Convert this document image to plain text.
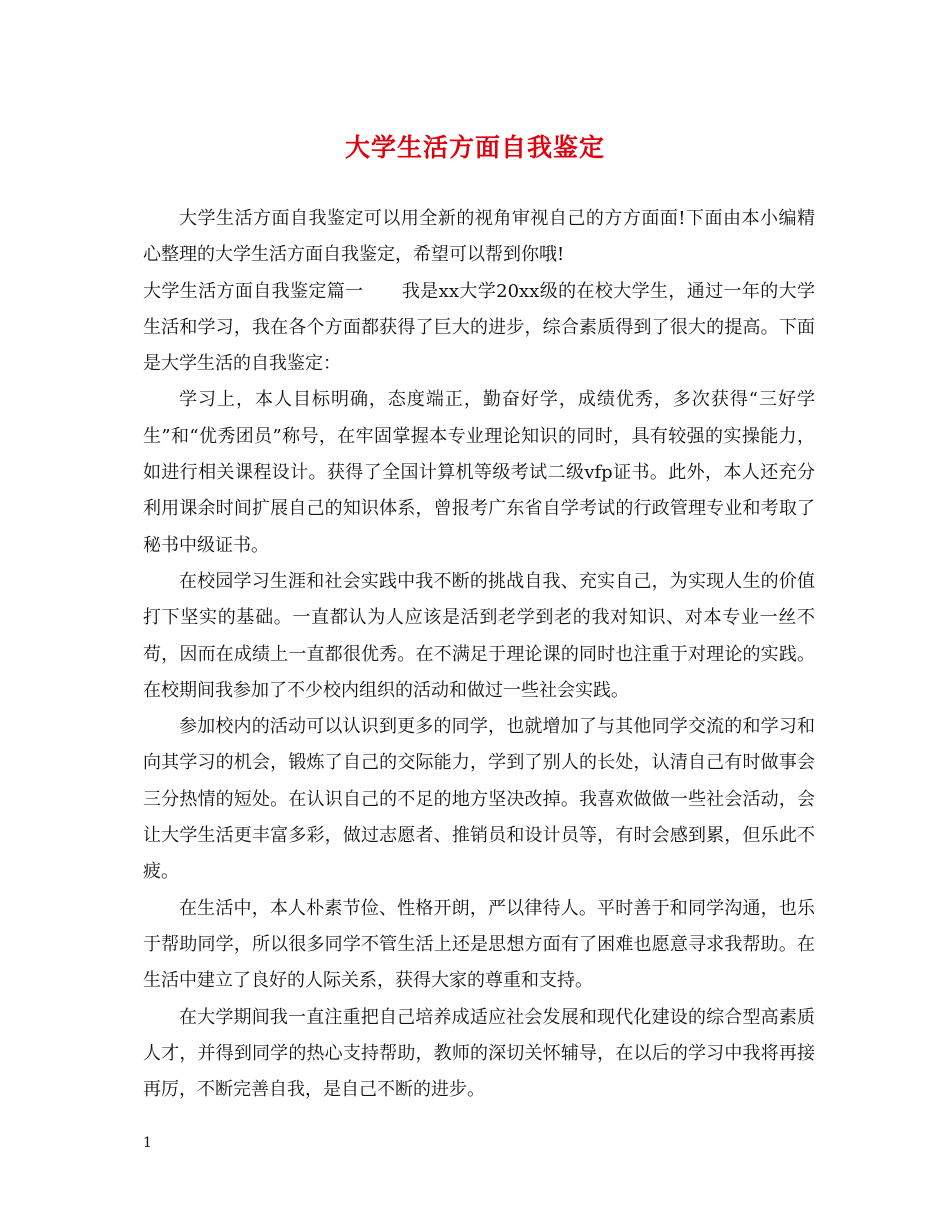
大学生活方面自我鉴定

大学生活方面自我鉴定可以用全新的视角审视自己的方方面面!下面由本小编精心整理的大学生活方面自我鉴定，希望可以帮到你哦!

大学生活方面自我鉴定篇一 我是xx大学20xx级的在校大学生，通过一年的大学生活和学习，我在各个方面都获得了巨大的进步，综合素质得到了很大的提高。下面是大学生活的自我鉴定：

学习上，本人目标明确，态度端正，勤奋好学，成绩优秀，多次获得“三好学生”和“优秀团员”称号，在牢固掌握本专业理论知识的同时，具有较强的实操能力，如进行相关课程设计。获得了全国计算机等级考试二级vfp证书。此外，本人还充分利用课余时间扩展自己的知识体系，曾报考广东省自学考试的行政管理专业和考取了秘书中级证书。

在校园学习生涯和社会实践中我不断的挑战自我、充实自己，为实现人生的价值打下坚实的基础。一直都认为人应该是活到老学到老的我对知识、对本专业一丝不苟，因而在成绩上一直都很优秀。在不满足于理论课的同时也注重于对理论的实践。在校期间我参加了不少校内组织的活动和做过一些社会实践。

参加校内的活动可以认识到更多的同学，也就增加了与其他同学交流的和学习和向其学习的机会，锻炼了自己的交际能力，学到了别人的长处，认清自己有时做事会三分热情的短处。在认识自己的不足的地方坚决改掉。我喜欢做做一些社会活动，会让大学生活更丰富多彩，做过志愿者、推销员和设计员等，有时会感到累，但乐此不疲。

在生活中，本人朴素节俭、性格开朗，严以律待人。平时善于和同学沟通，也乐于帮助同学，所以很多同学不管生活上还是思想方面有了困难也愿意寻求我帮助。在生活中建立了良好的人际关系，获得大家的尊重和支持。

在大学期间我一直注重把自己培养成适应社会发展和现代化建设的综合型高素质人才，并得到同学的热心支持帮助，教师的深切关怀辅导，在以后的学习中我将再接再厉，不断完善自我，是自己不断的进步。

1
